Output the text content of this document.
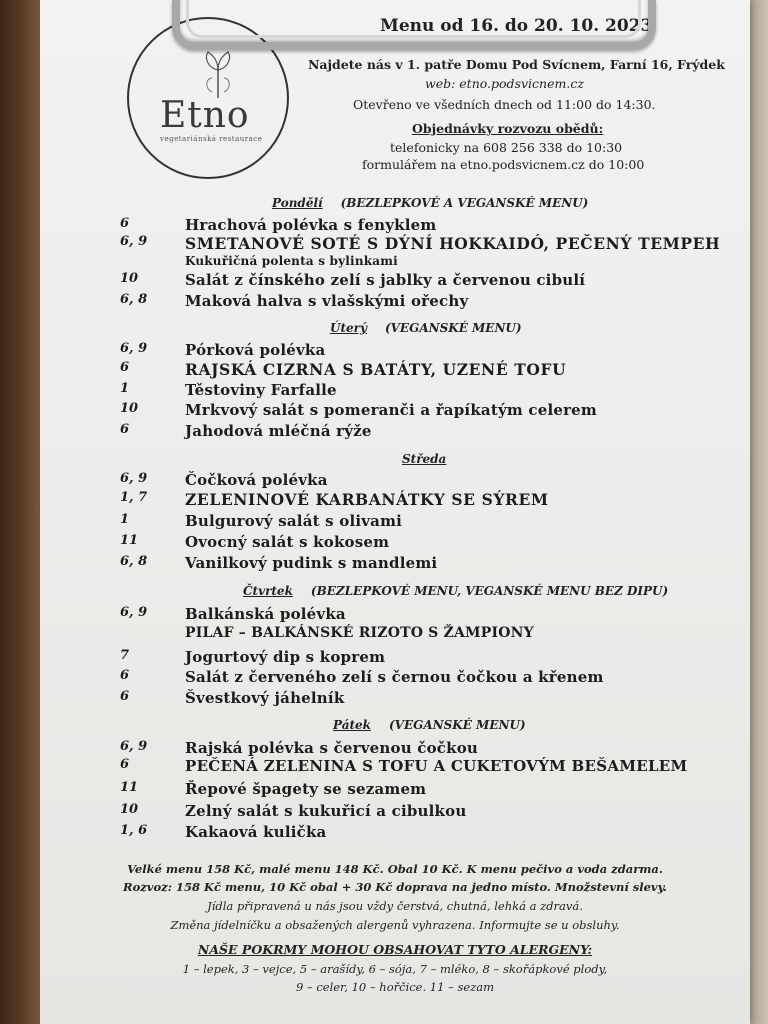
Etno
vegetariánská restaurace
Menu od 16. do 20. 10. 2023
Najdete nás v 1. patře Domu Pod Svícnem, Farní 16, Frýdek
web: etno.podsvicnem.cz
Otevřeno ve všedních dnech od 11:00 do 14:30.
Objednávky rozvozu obědů:
telefonicky na 608 256 338 do 10:30
formulářem na etno.podsvicnem.cz do 10:00
Pondělí (BEZLEPKOVÉ A VEGANSKÉ MENU)
6	Hrachová polévka s fenyklem
6, 9 SMETANOVÉ SOTÉ S DÝNÍ HOKKAIDÓ, PEČENÝ TEMPEH
Kukuřičná polenta s bylinkami
10	Salát z čínského zelí s jablky a červenou cibulí
6, 8	Maková halva s vlašskými ořechy
Úterý (VEGANSKÉ MENU)
6, 9	Pórková polévka
6	RAJSKÁ CIZRNA S BATÁTY, UZENÉ TOFU
1	Těstoviny Farfalle
10	Mrkvový salát s pomeranči a řapíkatým celerem
6	Jahodová mléčná rýže
Středa
6, 9	Čočková polévka
1, 7 ZELENINOVÉ KARBANÁTKY SE SÝREM
1	Bulgurový salát s olivami
11	Ovocný salát s kokosem
6, 8	Vanilkový pudink s mandlemi
Čtvrtek (BEZLEPKOVÉ MENU, VEGANSKÉ MENU BEZ DIPU)
6, 9	Balkánská polévka
PILAF – BALKÁNSKÉ RIZOTO S ŽAMPIONY
7	Jogurtový dip s koprem
6	Salát z červeného zelí s černou čočkou a křenem
6	Švestkový jáhelník
Pátek (VEGANSKÉ MENU)
6, 9	Rajská polévka s červenou čočkou
6	PEČENÁ ZELENINA S TOFU A CUKETOVÝM BEŠAMELEM
11	Řepové špagety se sezamem
10	Zelný salát s kukuřicí a cibulkou
1, 6	Kakaová kulička
Velké menu 158 Kč, malé menu 148 Kč. Obal 10 Kč. K menu pečivo a voda zdarma.
Rozvoz: 158 Kč menu, 10 Kč obal + 30 Kč doprava na jedno místo. Množstevní slevy.
Jídla připravená u nás jsou vždy čerstvá, chutná, lehká a zdravá.
Změna jídelníčku a obsažených alergenů vyhrazena. Informujte se u obsluhy.
NAŠE POKRMY MOHOU OBSAHOVAT TYTO ALERGENY:
1 – lepek, 3 – vejce, 5 – arašídy, 6 – sója, 7 – mléko, 8 – skořápkové plody,
9 – celer, 10 – hořčice. 11 – sezam
